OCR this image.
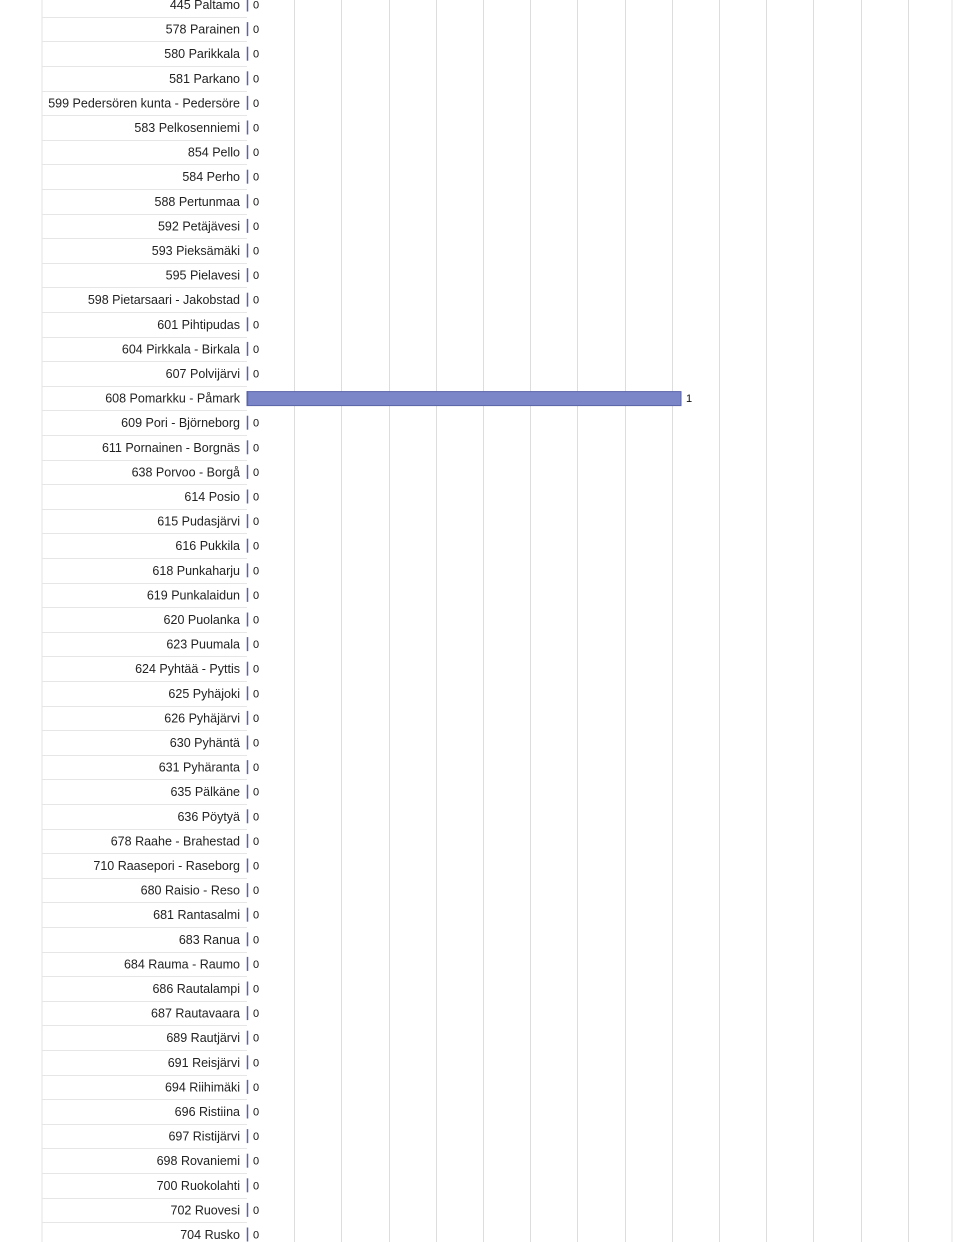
445 Paltamo
578 Parainen
580 Parikkala
581 Parkano
599 Pedersören kunta - Pedersöre
583 Pelkosenniemi
854 Pello
584 Perho
588 Pertunmaa
592 Petäjävesi
593 Pieksämäki
595 Pielavesi
598 Pietarsaari - Jakobstad
601 Pihtipudas
604 Pirkkala - Birkala
607 Polvijärvi
608 Pomarkku - Påmark
609 Pori - Björneborg
611 Pornainen - Borgnäs
638 Porvoo - Borgå
614 Posio
615 Pudasjärvi
616 Pukkila
618 Punkaharju
619 Punkalaidun
620 Puolanka
623 Puumala
624 Pyhtää - Pyttis
625 Pyhäjoki
626 Pyhäjärvi
630 Pyhäntä
631 Pyhäranta
635 Pälkäne
636 Pöytyä
678 Raahe - Brahestad
710 Raasepori - Raseborg
680 Raisio - Reso
681 Rantasalmi
683 Ranua
684 Rauma - Raumo
686 Rautalampi
687 Rautavaara
689 Rautjärvi
691 Reisjärvi
694 Riihimäki
696 Ristiina
697 Ristijärvi
698 Rovaniemi
700 Ruokolahti
702 Ruovesi
704 Rusko
0
0
0
0
0
0
0
0
0
0
0
0
0
0
0
0
1
0
0
0
0
0
0
0
0
0
0
0
0
0
0
0
0
0
0
0
0
0
0
0
0
0
0
0
0
0
0
0
0
0
0
